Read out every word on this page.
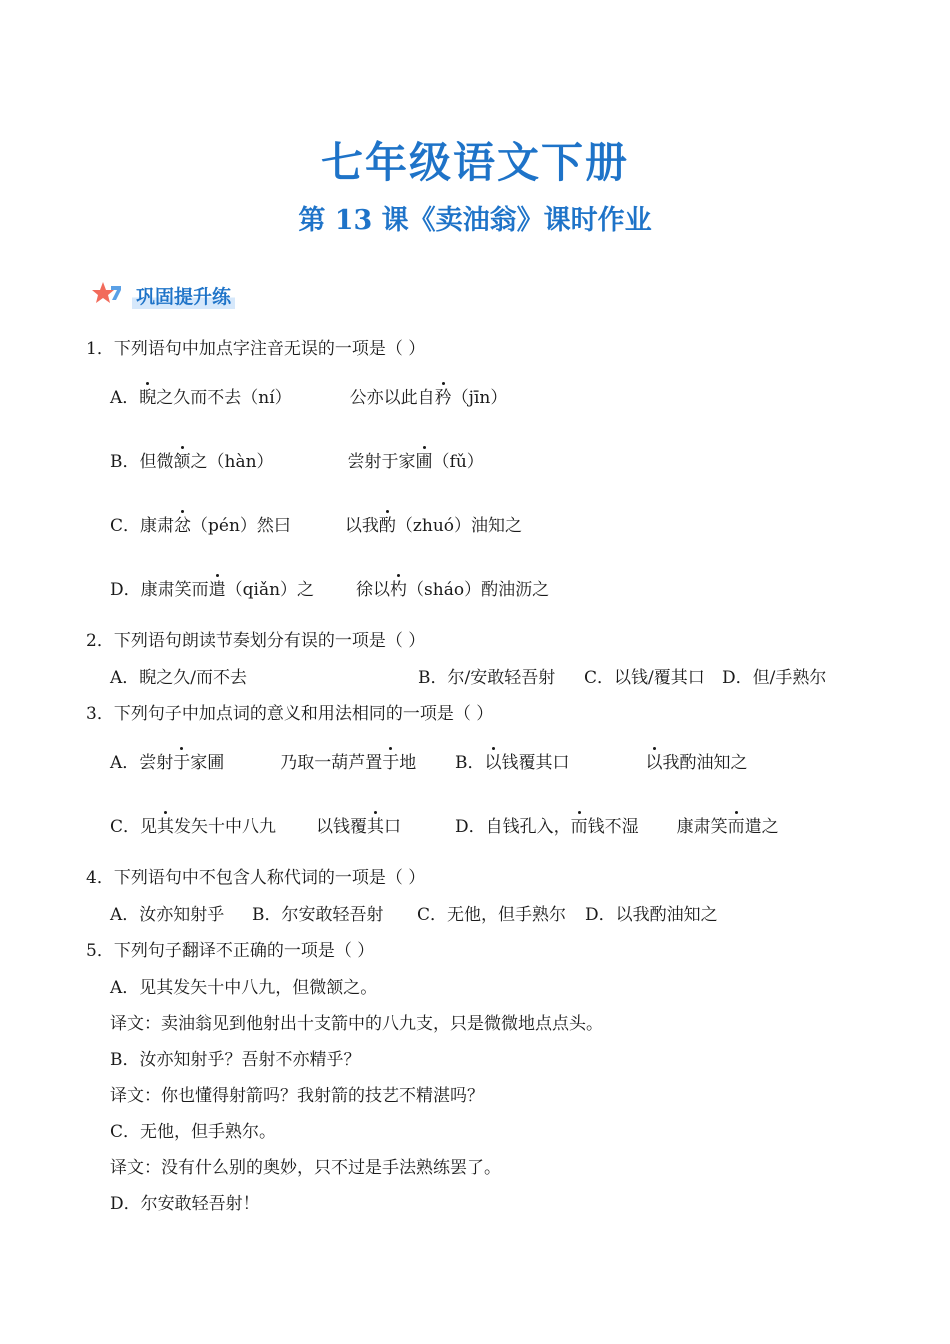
七年级语文下册
第 13 课《卖油翁》课时作业
巩固提升练
1．下列语句中加点字注音无误的一项是（ ）
A．睨之久而不去（ní）	公亦以此自矜（jīn）
B．但微颔之（hàn）	尝射于家圃（fǔ）
C．康肃忿（pén）然曰	以我酌（zhuó）油知之
D．康肃笑而遣（qiǎn）之 徐以杓（sháo）酌油沥之
2．下列语句朗读节奏划分有误的一项是（ ）
A．睨之久/而不去	B．尔/安敢轻吾射 C．以钱/覆其口 D．但/手熟尔
3．下列句子中加点词的意义和用法相同的一项是（ ）
A．尝射于家圃	乃取一葫芦置于地 B．以钱覆其口	以我酌油知之
C．见其发矢十中八九 以钱覆其口	D．自钱孔入，而钱不湿 康肃笑而遣之
4．下列语句中不包含人称代词的一项是（ ）
A．汝亦知射乎 B．尔安敢轻吾射 C．无他，但手熟尔 D．以我酌油知之
5．下列句子翻译不正确的一项是（ ）
A．见其发矢十中八九，但微颔之。
译文：卖油翁见到他射出十支箭中的八九支，只是微微地点点头。
B．汝亦知射乎？吾射不亦精乎？
译文：你也懂得射箭吗？我射箭的技艺不精湛吗？
C．无他，但手熟尔。
译文：没有什么别的奥妙，只不过是手法熟练罢了。
D．尔安敢轻吾射！
